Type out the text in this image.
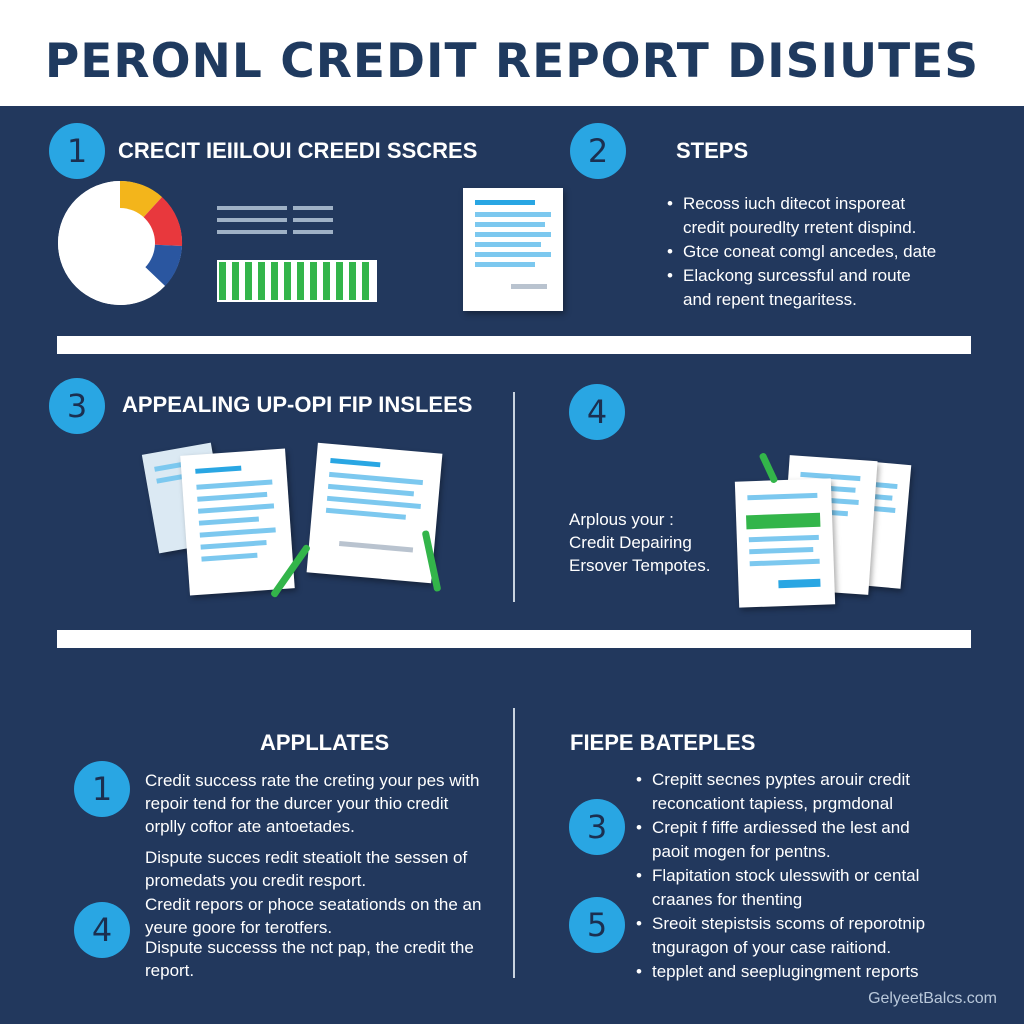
PERONL CREDIT REPORT DISIUTES
1	CRECIT IEIILOUI CREEDI SSCRES	2	STEPS
• Recoss iuch ditecot insporeat
credit pouredlty rretent dispind.
• Gtce coneat comgl ancedes, date
• Elackong surcessful and route
and repent tnegaritess.
3	APPEALING UP-OPI FIP INSLEES	4
Arplous your :
Credit Depairing
Ersover Tempotes.
APPLLATES
1
4
Credit success rate the creting your pes with
repoir tend for the durcer your thio credit
orplly coftor ate antoetades.
Dispute succes redit steatiolt the sessen of
promedats you credit resport.
Credit repors or phoce seatationds on the an
yeure goore for terotfers.
Dispute successs the nct pap, the credit the
report.
FIEPE BATEPLES
3
5
• Crepitt secnes pyptes arouir credit
reconcationt tapiess, prgmdonal
• Crepit f fiffe ardiessed the lest and
paoit mogen for pentns.
• Flapitation stock ulesswith or cental
craanes for thenting
• Sreoit stepistsis scoms of reporotnip
tnguragon of your case raitiond.
• tepplet and seeplugingment reports
GelyeetBalcs.com
